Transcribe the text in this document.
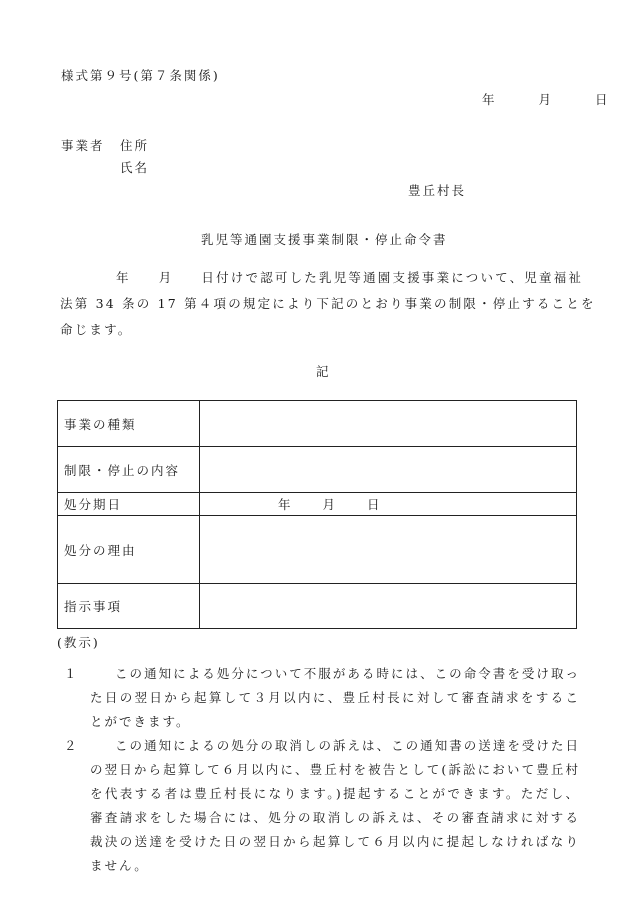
様式第９号(第７条関係)
年	月	日
事業者 住所
氏名
豊丘村長
乳児等通園支援事業制限・停止命令書
年 月 日付けで認可した乳児等通園支援事業について、児童福祉
法第 34 条の 17 第４項の規定により下記のとおり事業の制限・停止することを
命じます。
記
事業の種類	
制限・停止の内容	
処分期日	年 月 日
処分の理由	
指示事項	
(教示)
１	この通知による処分について不服がある時には、この命令書を受け取った日の翌日から起算して３月以内に、豊丘村長に対して審査請求をすることができます。
２	この通知によるの処分の取消しの訴えは、この通知書の送達を受けた日の翌日から起算して６月以内に、豊丘村を被告として(訴訟において豊丘村を代表する者は豊丘村長になります。)提起することができます。ただし、審査請求をした場合には、処分の取消しの訴えは、その審査請求に対する裁決の送達を受けた日の翌日から起算して６月以内に提起しなければなりません。
